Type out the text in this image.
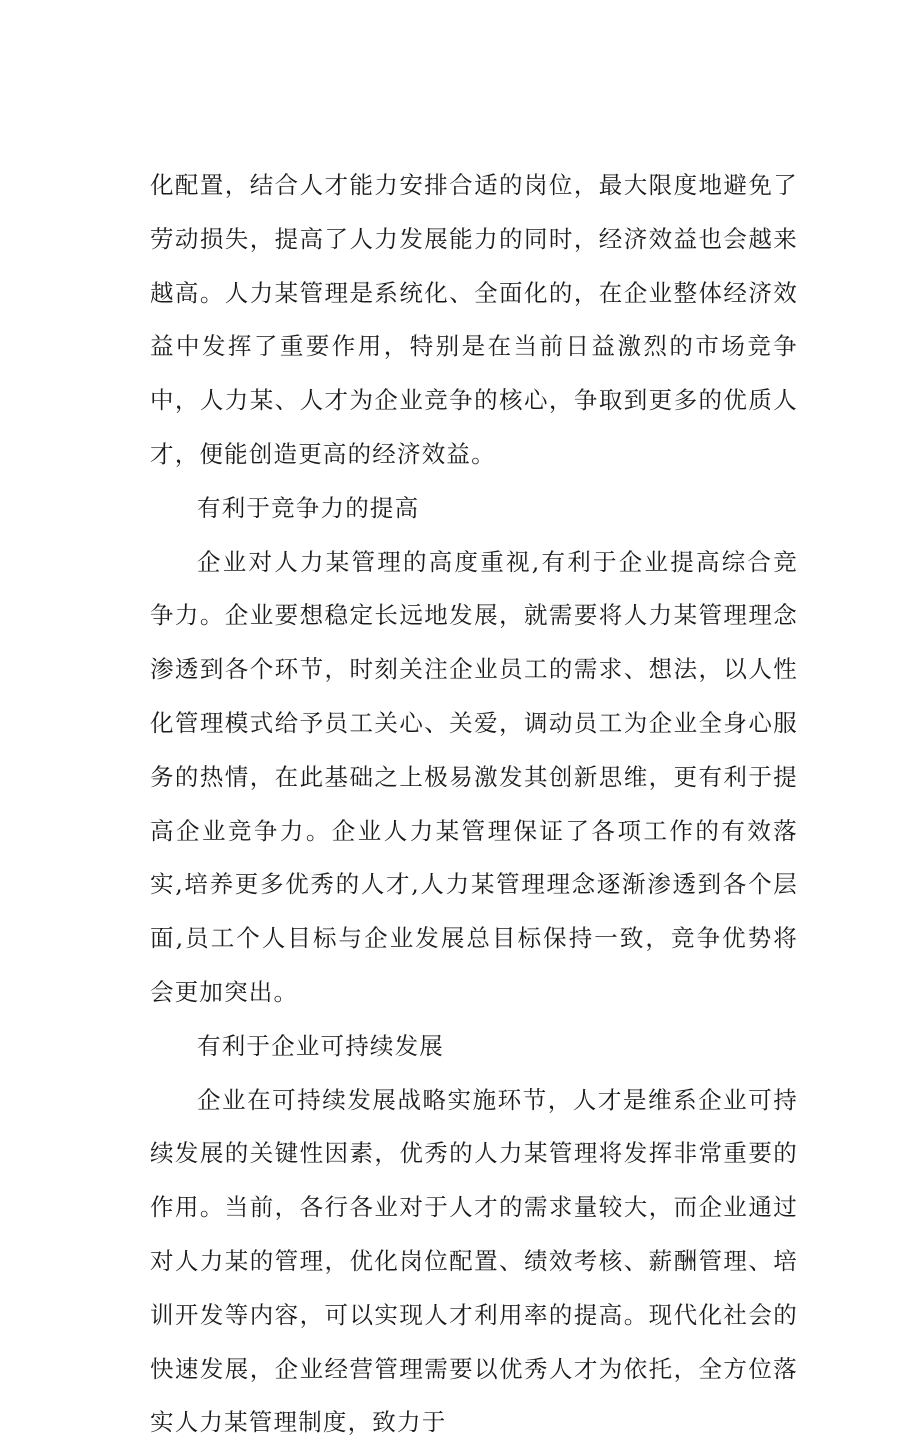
化配置，结合人才能力安排合适的岗位，最大限度地避免了劳动损失，提高了人力发展能力的同时，经济效益也会越来越高。人力某管理是系统化、全面化的，在企业整体经济效益中发挥了重要作用，特别是在当前日益激烈的市场竞争中，人力某、人才为企业竞争的核心，争取到更多的优质人才，便能创造更高的经济效益。

有利于竞争力的提高

企业对人力某管理的高度重视,有利于企业提高综合竞争力。企业要想稳定长远地发展，就需要将人力某管理理念渗透到各个环节，时刻关注企业员工的需求、想法，以人性化管理模式给予员工关心、关爱，调动员工为企业全身心服务的热情，在此基础之上极易激发其创新思维，更有利于提高企业竞争力。企业人力某管理保证了各项工作的有效落实,培养更多优秀的人才,人力某管理理念逐渐渗透到各个层面,员工个人目标与企业发展总目标保持一致，竞争优势将会更加突出。

有利于企业可持续发展

企业在可持续发展战略实施环节，人才是维系企业可持续发展的关键性因素，优秀的人力某管理将发挥非常重要的作用。当前，各行各业对于人才的需求量较大，而企业通过对人力某的管理，优化岗位配置、绩效考核、薪酬管理、培训开发等内容，可以实现人才利用率的提高。现代化社会的快速发展，企业经营管理需要以优秀人才为依托，全方位落实人力某管理制度，致力于
